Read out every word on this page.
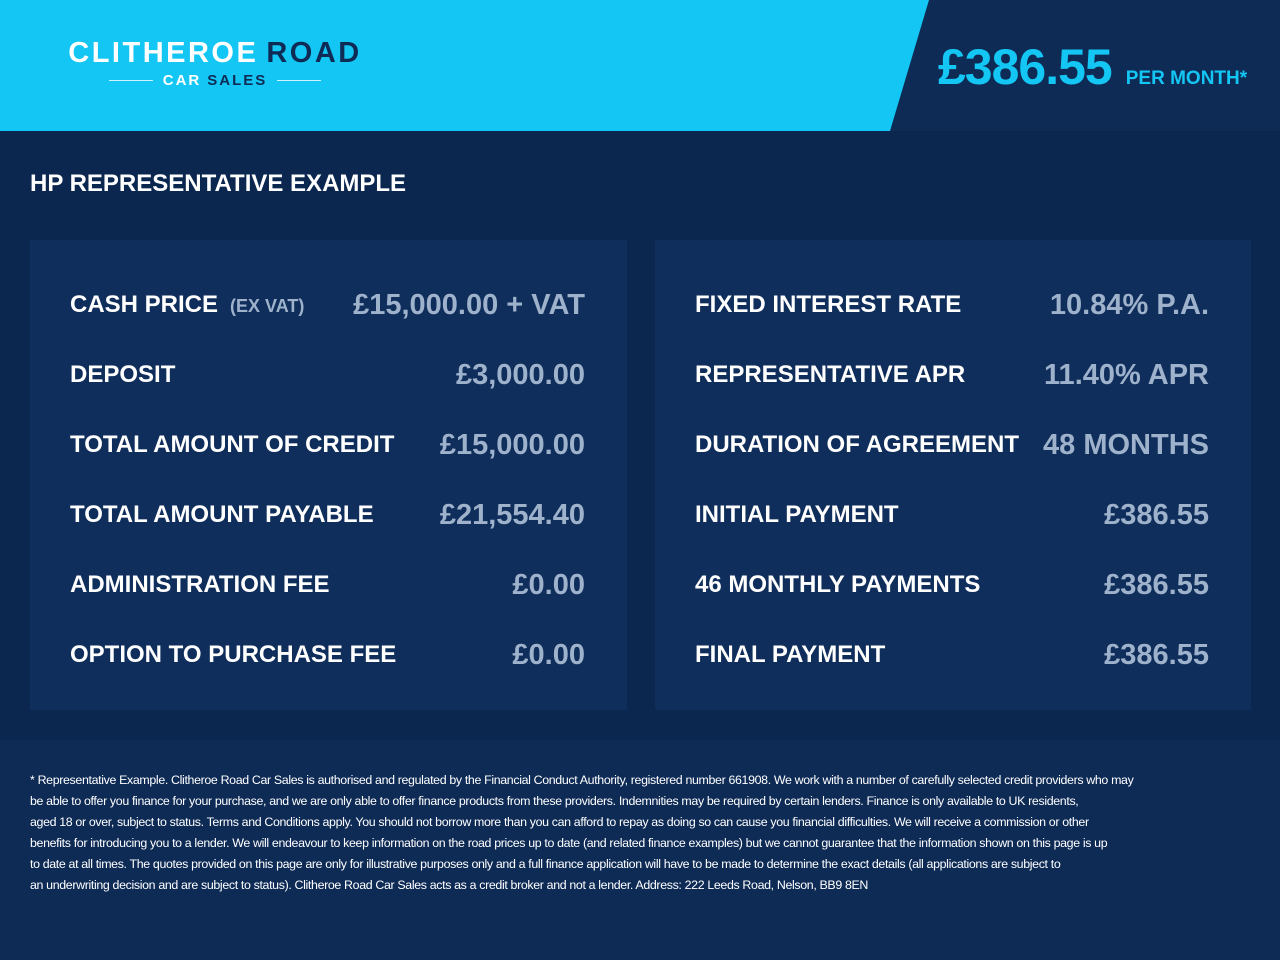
CLITHEROE ROAD
CAR SALES	£386.55 PER MONTH*
HP REPRESENTATIVE EXAMPLE
CASH PRICE (EX VAT) £15,000.00 + VAT
DEPOSIT	£3,000.00
TOTAL AMOUNT OF CREDIT £15,000.00
TOTAL AMOUNT PAYABLE £21,554.40
ADMINISTRATION FEE	£0.00
OPTION TO PURCHASE FEE	£0.00
FIXED INTEREST RATE	10.84% P.A.
REPRESENTATIVE APR	11.40% APR
DURATION OF AGREEMENT 48 MONTHS
INITIAL PAYMENT	£386.55
46 MONTHLY PAYMENTS	£386.55
FINAL PAYMENT	£386.55
* Representative Example. Clitheroe Road Car Sales is authorised and regulated by the Financial Conduct Authority, registered number 661908. We work with a number of carefully selected credit providers who may
be able to offer you finance for your purchase, and we are only able to offer finance products from these providers. Indemnities may be required by certain lenders. Finance is only available to UK residents,
aged 18 or over, subject to status. Terms and Conditions apply. You should not borrow more than you can afford to repay as doing so can cause you financial difficulties. We will receive a commission or other
benefits for introducing you to a lender. We will endeavour to keep information on the road prices up to date (and related finance examples) but we cannot guarantee that the information shown on this page is up
to date at all times. The quotes provided on this page are only for illustrative purposes only and a full finance application will have to be made to determine the exact details (all applications are subject to
an underwriting decision and are subject to status). Clitheroe Road Car Sales acts as a credit broker and not a lender. Address: 222 Leeds Road, Nelson, BB9 8EN
